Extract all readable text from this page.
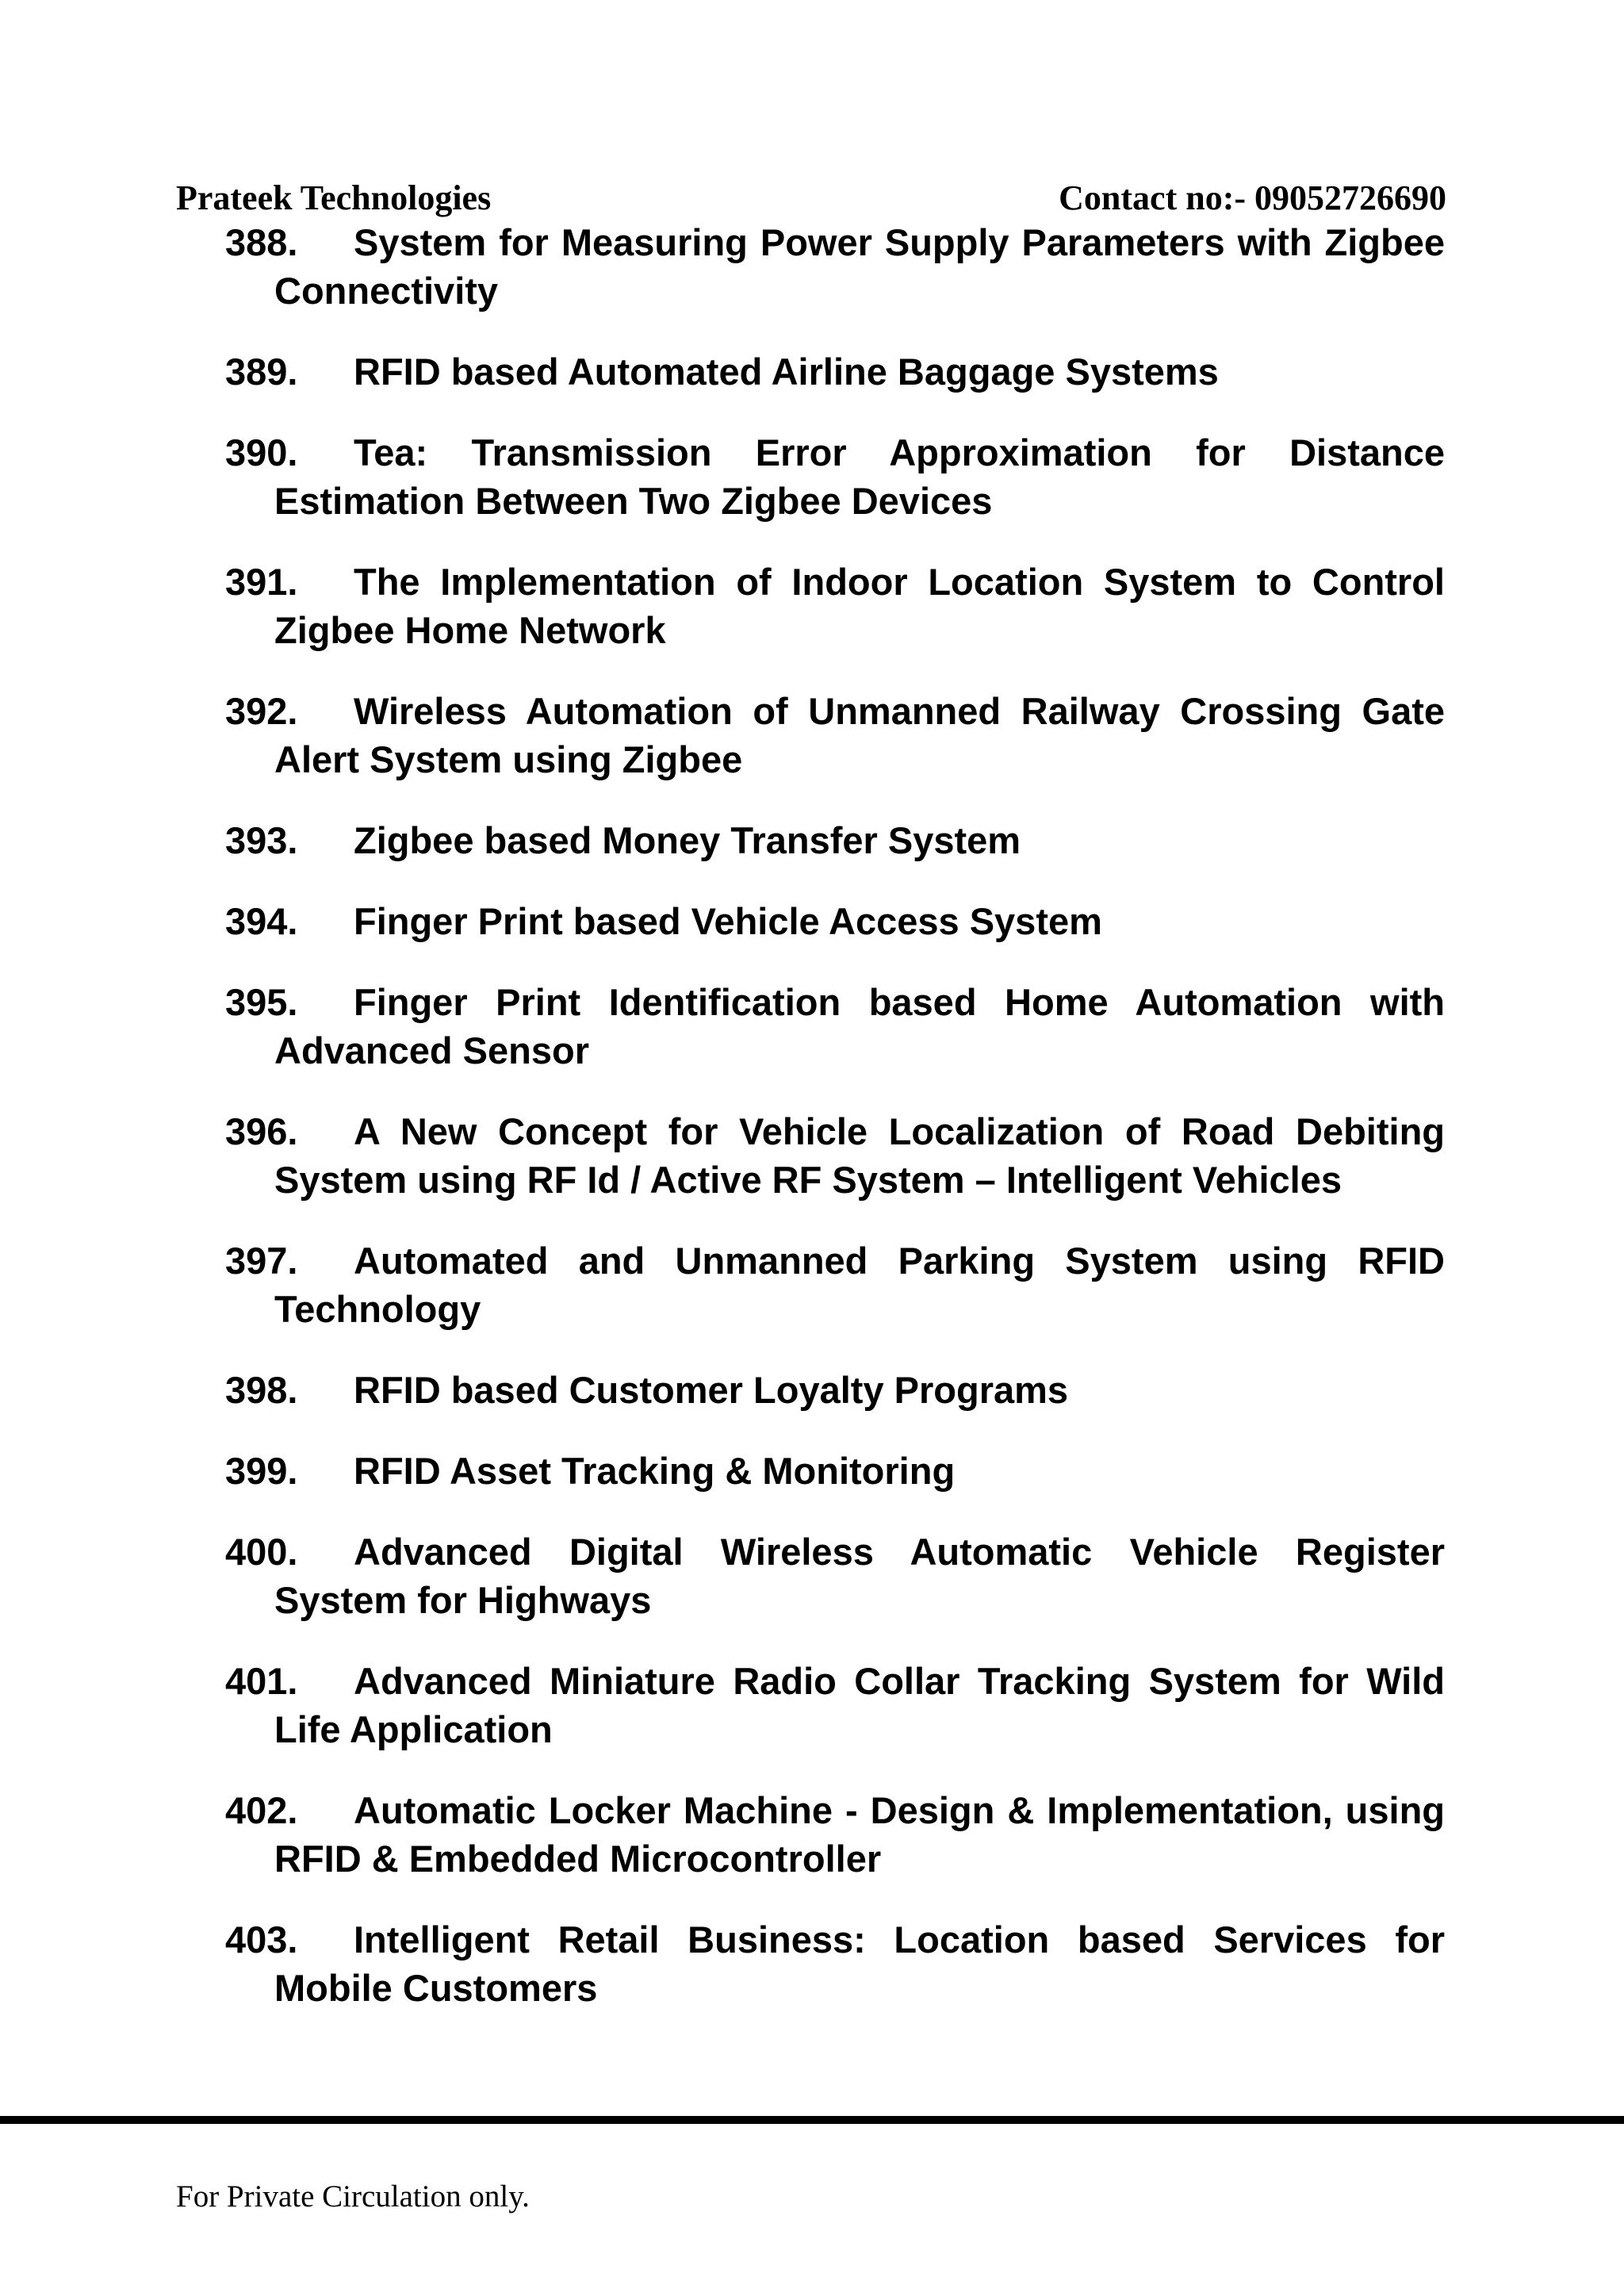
Prateek Technologies	Contact no:- 09052726690
388. System for Measuring Power Supply Parameters with Zigbee Connectivity
389. RFID based Automated Airline Baggage Systems
390. Tea: Transmission Error Approximation for Distance Estimation Between Two Zigbee Devices
391. The Implementation of Indoor Location System to Control Zigbee Home Network
392. Wireless Automation of Unmanned Railway Crossing Gate Alert System using Zigbee
393. Zigbee based Money Transfer System
394. Finger Print based Vehicle Access System
395. Finger Print Identification based Home Automation with Advanced Sensor
396. A New Concept for Vehicle Localization of Road Debiting System using RF Id / Active RF System – Intelligent Vehicles
397. Automated and Unmanned Parking System using RFID Technology
398. RFID based Customer Loyalty Programs
399. RFID Asset Tracking & Monitoring
400. Advanced Digital Wireless Automatic Vehicle Register System for Highways
401. Advanced Miniature Radio Collar Tracking System for Wild Life Application
402. Automatic Locker Machine - Design & Implementation, using RFID & Embedded Microcontroller
403. Intelligent Retail Business: Location based Services for Mobile Customers
For Private Circulation only.
